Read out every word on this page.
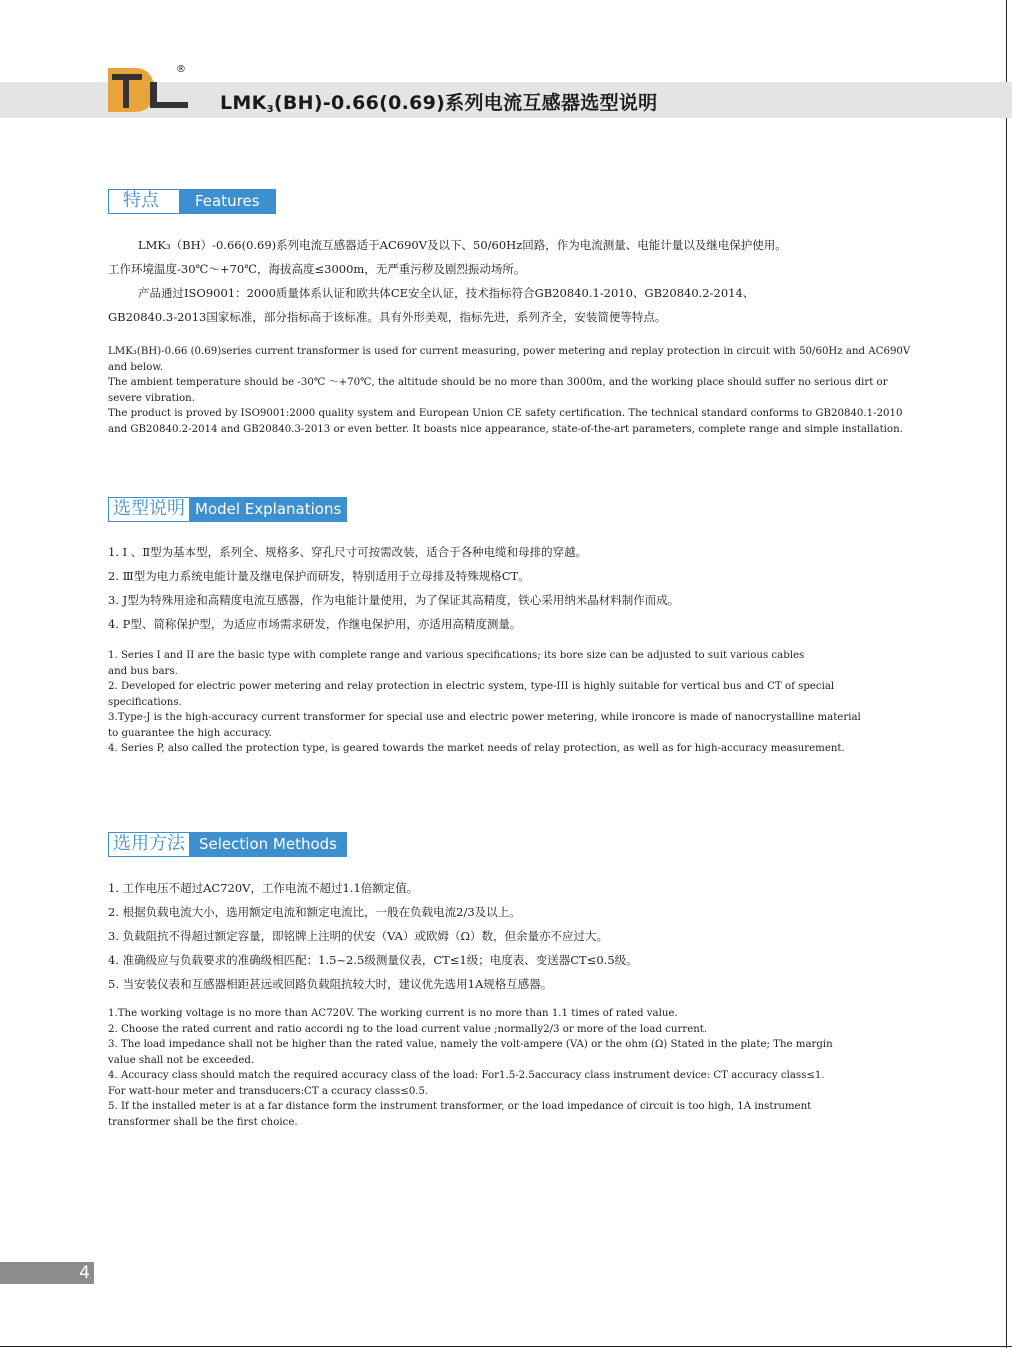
®
$LMK_3(BH)-0.66(0.69)$系列电流互感器选型说明
特点	Features
LMK₃（BH）-0.66(0.69)系列电流互感器适于AC690V及以下、50/60Hz回路，作为电流测量、电能计量以及继电保护使用。
工作环境温度-30℃～+70℃，海拔高度≤3000m，无严重污秽及剧烈振动场所。
产品通过ISO9001：2000质量体系认证和欧共体CE安全认证，技术指标符合GB20840.1-2010、GB20840.2-2014、
GB20840.3-2013国家标准，部分指标高于该标准。具有外形美观，指标先进，系列齐全，安装简便等特点。
LMK₃(BH)-0.66 (0.69)series current transformer is used for current measuring, power metering and replay protection in circuit with 50/60Hz and AC690V
and below.
The ambient temperature should be -30℃ ～+70℃, the altitude should be no more than 3000m, and the working place should suffer no serious dirt or
severe vibration.
The product is proved by ISO9001:2000 quality system and European Union CE safety certification. The technical standard conforms to GB20840.1-2010
and GB20840.2-2014 and GB20840.3-2013 or even better. It boasts nice appearance, state-of-the-art parameters, complete range and simple installation.
选型说明 Model Explanations
1. Ⅰ 、Ⅱ型为基本型，系列全、规格多、穿孔尺寸可按需改装，适合于各种电缆和母排的穿越。
2. Ⅲ型为电力系统电能计量及继电保护而研发，特别适用于立母排及特殊规格CT。
3. J型为特殊用途和高精度电流互感器，作为电能计量使用，为了保证其高精度，铁心采用纳米晶材料制作而成。
4. P型、简称保护型，为适应市场需求研发，作继电保护用，亦适用高精度测量。
1. Series I and II are the basic type with complete range and various specifications; its bore size can be adjusted to suit various cables
and bus bars.
2. Developed for electric power metering and relay protection in electric system, type-III is highly suitable for vertical bus and CT of special
specifications.
3.Type-J is the high-accuracy current transformer for special use and electric power metering, while ironcore is made of nanocrystalline material
to guarantee the high accuracy.
4. Series P, also called the protection type, is geared towards the market needs of relay protection, as well as for high-accuracy measurement.
选用方法 Selection Methods
1. 工作电压不超过AC720V，工作电流不超过1.1倍额定值。
2. 根据负载电流大小，选用额定电流和额定电流比，一般在负载电流2/3及以上。
3. 负载阻抗不得超过额定容量，即铭牌上注明的伏安（VA）或欧姆（Ω）数，但余量亦不应过大。
4. 准确级应与负载要求的准确级相匹配：1.5~2.5级测量仪表，CT≤1级；电度表、变送器CT≤0.5级。
5. 当安装仪表和互感器相距甚远或回路负载阻抗较大时，建议优先选用1A规格互感器。
1.The working voltage is no more than AC720V. The working current is no more than 1.1 times of rated value.
2. Choose the rated current and ratio accordi ng to the load current value ;normally2/3 or more of the load current.
3. The load impedance shall not be higher than the rated value, namely the volt-ampere (VA) or the ohm (Ω) Stated in the plate; The margin
value shall not be exceeded.
4. Accuracy class should match the required accuracy class of the load: For1.5-2.5accuracy class instrument device: CT accuracy class≤1.
For watt-hour meter and transducers:CT a ccuracy class≤0.5.
5. If the installed meter is at a far distance form the instrument transformer, or the load impedance of circuit is too high, 1A instrument
transformer shall be the first choice.
4
